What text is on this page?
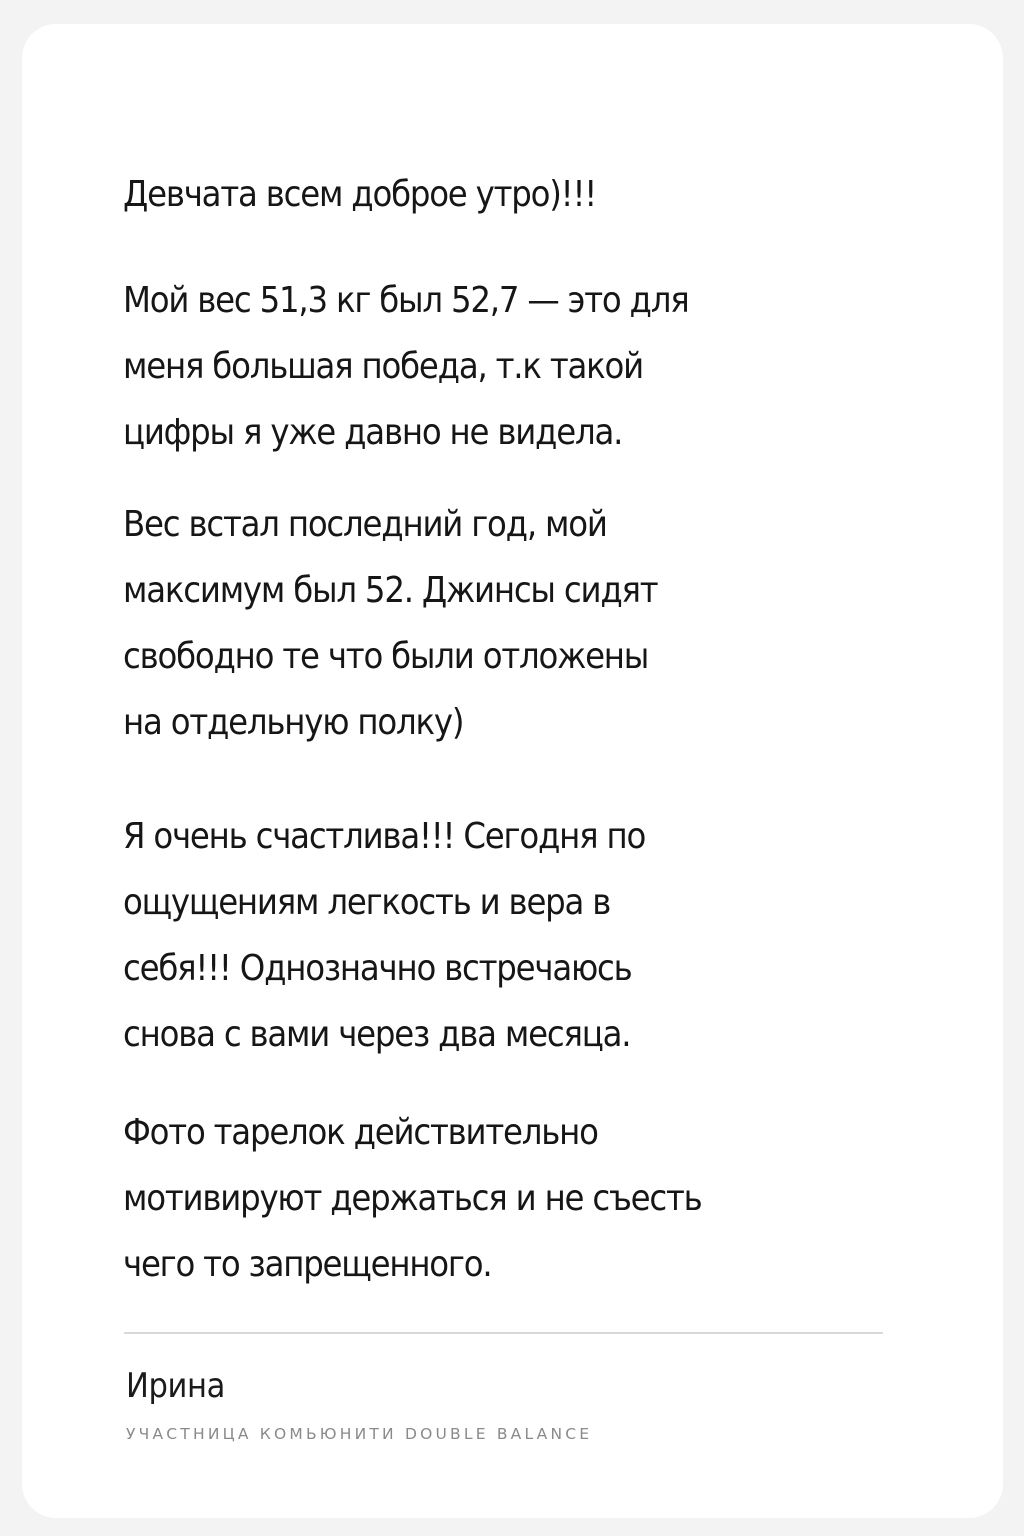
Девчата всем доброе утро)!!!

Мой вес 51,3 кг был 52,7 — это для
меня большая победа, т.к такой
цифры я уже давно не видела.

Вес встал последний год, мой
максимум был 52. Джинсы сидят
свободно те что были отложены
на отдельную полку)

Я очень счастлива!!! Сегодня по
ощущениям легкость и вера в
себя!!! Однозначно встречаюсь
снова с вами через два месяца.

Фото тарелок действительно
мотивируют держаться и не съесть
чего то запрещенного.

Ирина
УЧАСТНИЦА КОМЬЮНИТИ DOUBLE BALANCE
